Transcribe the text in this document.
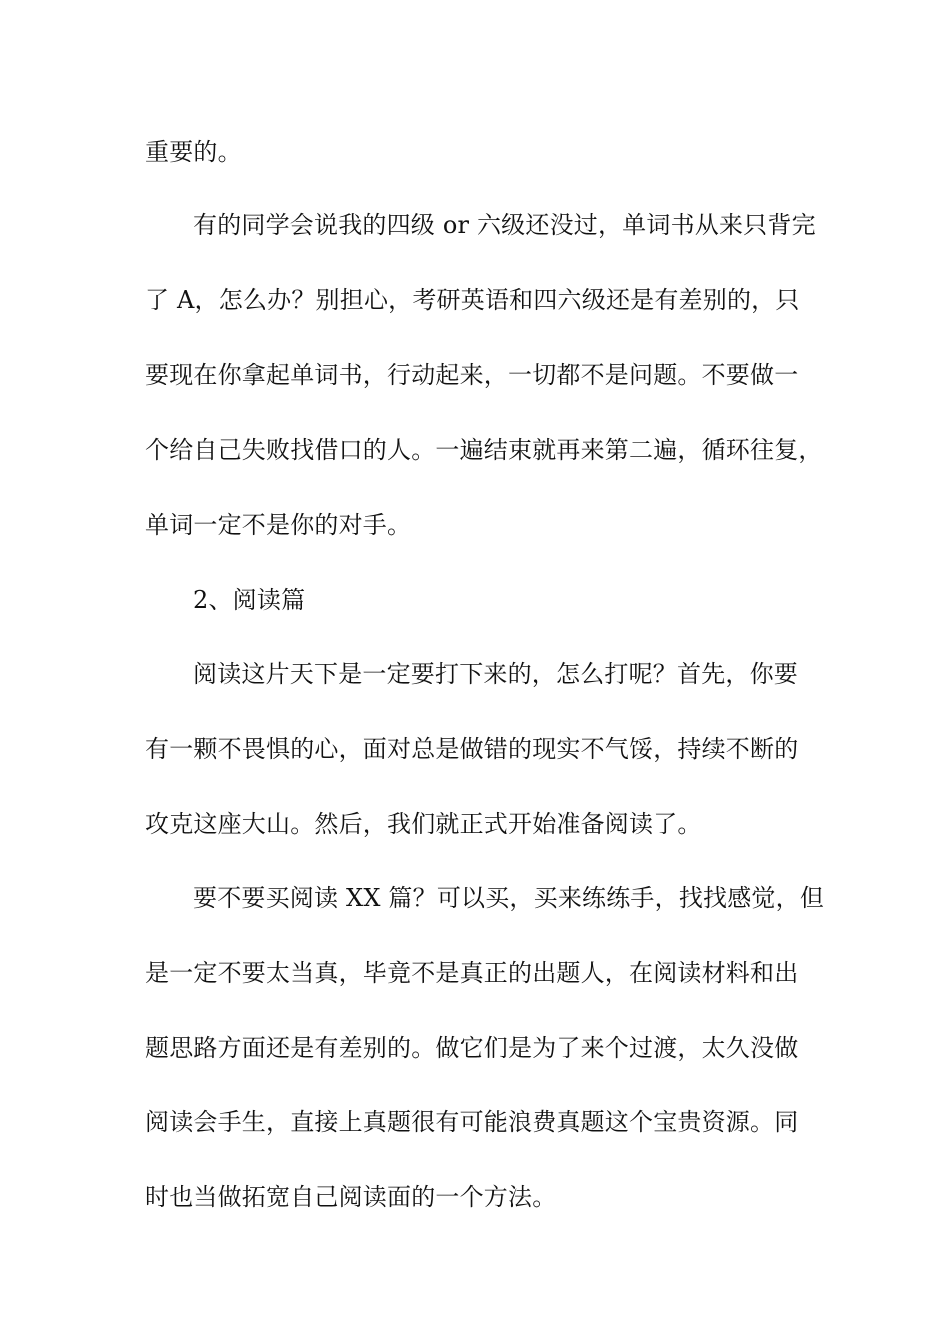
重要的。
有的同学会说我的四级 or 六级还没过，单词书从来只背完
了 A，怎么办？别担心，考研英语和四六级还是有差别的，只
要现在你拿起单词书，行动起来，一切都不是问题。不要做一
个给自己失败找借口的人。一遍结束就再来第二遍，循环往复，
单词一定不是你的对手。
2、阅读篇
阅读这片天下是一定要打下来的，怎么打呢？首先，你要
有一颗不畏惧的心，面对总是做错的现实不气馁，持续不断的
攻克这座大山。然后，我们就正式开始准备阅读了。
要不要买阅读 XX 篇？可以买，买来练练手，找找感觉，但
是一定不要太当真，毕竟不是真正的出题人，在阅读材料和出
题思路方面还是有差别的。做它们是为了来个过渡，太久没做
阅读会手生，直接上真题很有可能浪费真题这个宝贵资源。同
时也当做拓宽自己阅读面的一个方法。
